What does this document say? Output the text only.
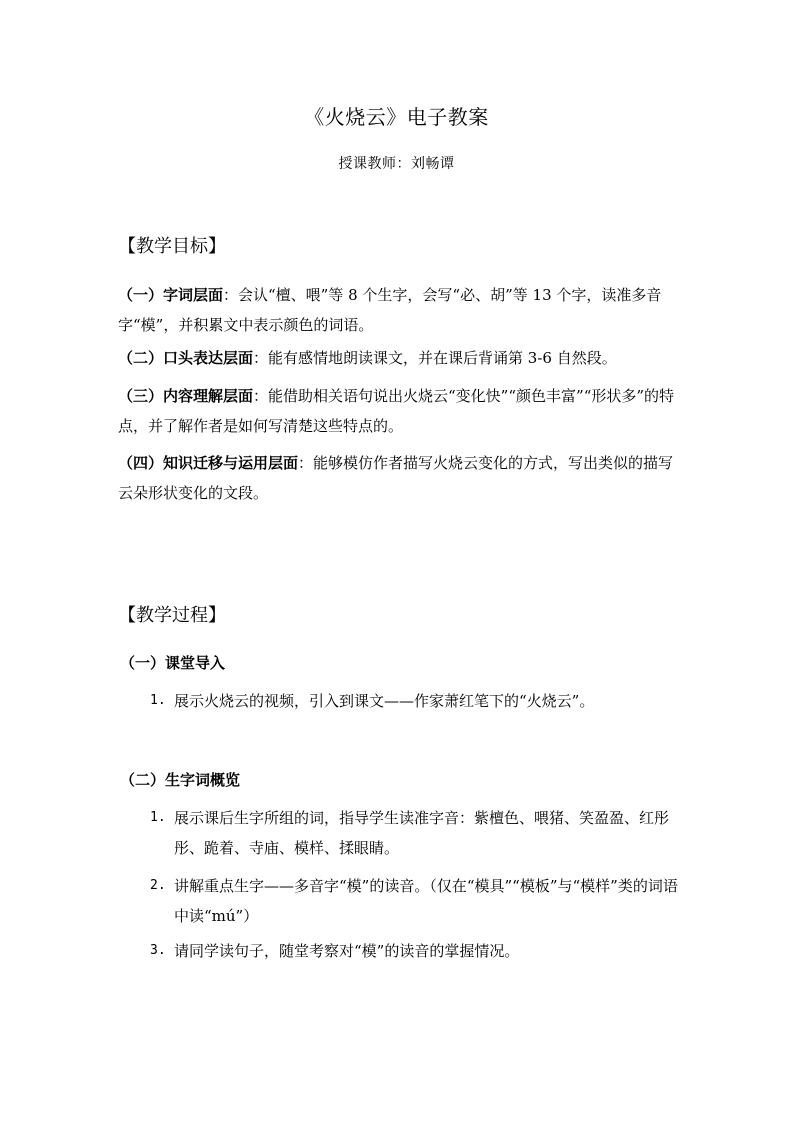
《火烧云》电子教案
授课教师：刘畅谭
【教学目标】
（一）字词层面：会认“檀、喂”等 8 个生字，会写“必、胡”等 13 个字，读准多音字“模”，并积累文中表示颜色的词语。
（二）口头表达层面：能有感情地朗读课文，并在课后背诵第 3-6 自然段。
（三）内容理解层面：能借助相关语句说出火烧云“变化快”“颜色丰富”“形状多”的特点，并了解作者是如何写清楚这些特点的。
（四）知识迁移与运用层面：能够模仿作者描写火烧云变化的方式，写出类似的描写云朵形状变化的文段。
【教学过程】
（一）课堂导入
1. 展示火烧云的视频，引入到课文——作家萧红笔下的“火烧云”。
（二）生字词概览
1. 展示课后生字所组的词，指导学生读准字音：紫檀色、喂猪、笑盈盈、红彤彤、跪着、寺庙、模样、揉眼睛。
2. 讲解重点生字——多音字“模”的读音。（仅在“模具”“模板”与“模样”类的词语中读“mú”）
3. 请同学读句子，随堂考察对“模”的读音的掌握情况。
